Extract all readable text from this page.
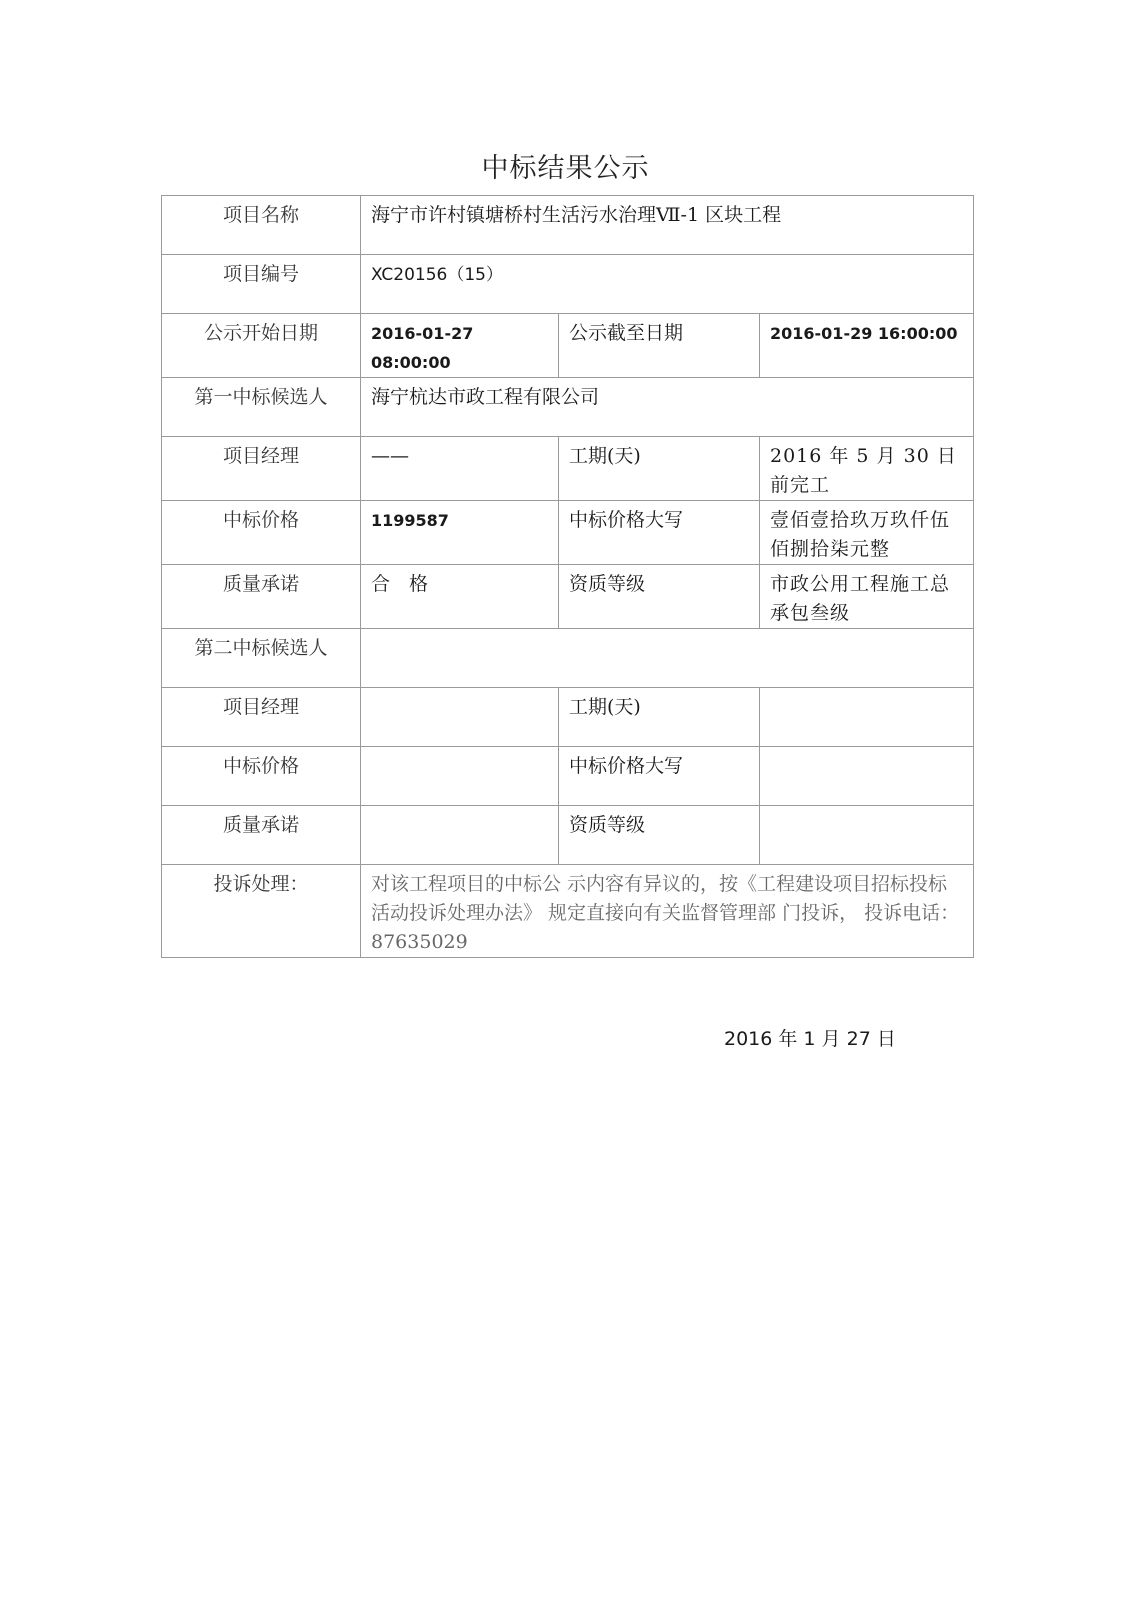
中标结果公示
项目名称	海宁市许村镇塘桥村生活污水治理Ⅶ-1 区块工程		
项目编号	XC20156（15）		
公示开始日期	2016-01-27 08:00:00	公示截至日期	2016-01-29 16:00:00
第一中标候选人	海宁杭达市政工程有限公司		
项目经理	——	工期(天)	2016 年 5 月 30 日前完工
中标价格	1199587	中标价格大写	壹佰壹拾玖万玖仟伍佰捌拾柒元整
质量承诺	合　格	资质等级	市政公用工程施工总承包叁级
第二中标候选人			
项目经理		工期(天)	
中标价格		中标价格大写	
质量承诺		资质等级	
投诉处理：	对该工程项目的中标公 示内容有异议的，按《工程建设项目招标投标活动投诉处理办法》 规定直接向有关监督管理部 门投诉， 投诉电话：87635029		
2016 年 1 月 27 日
